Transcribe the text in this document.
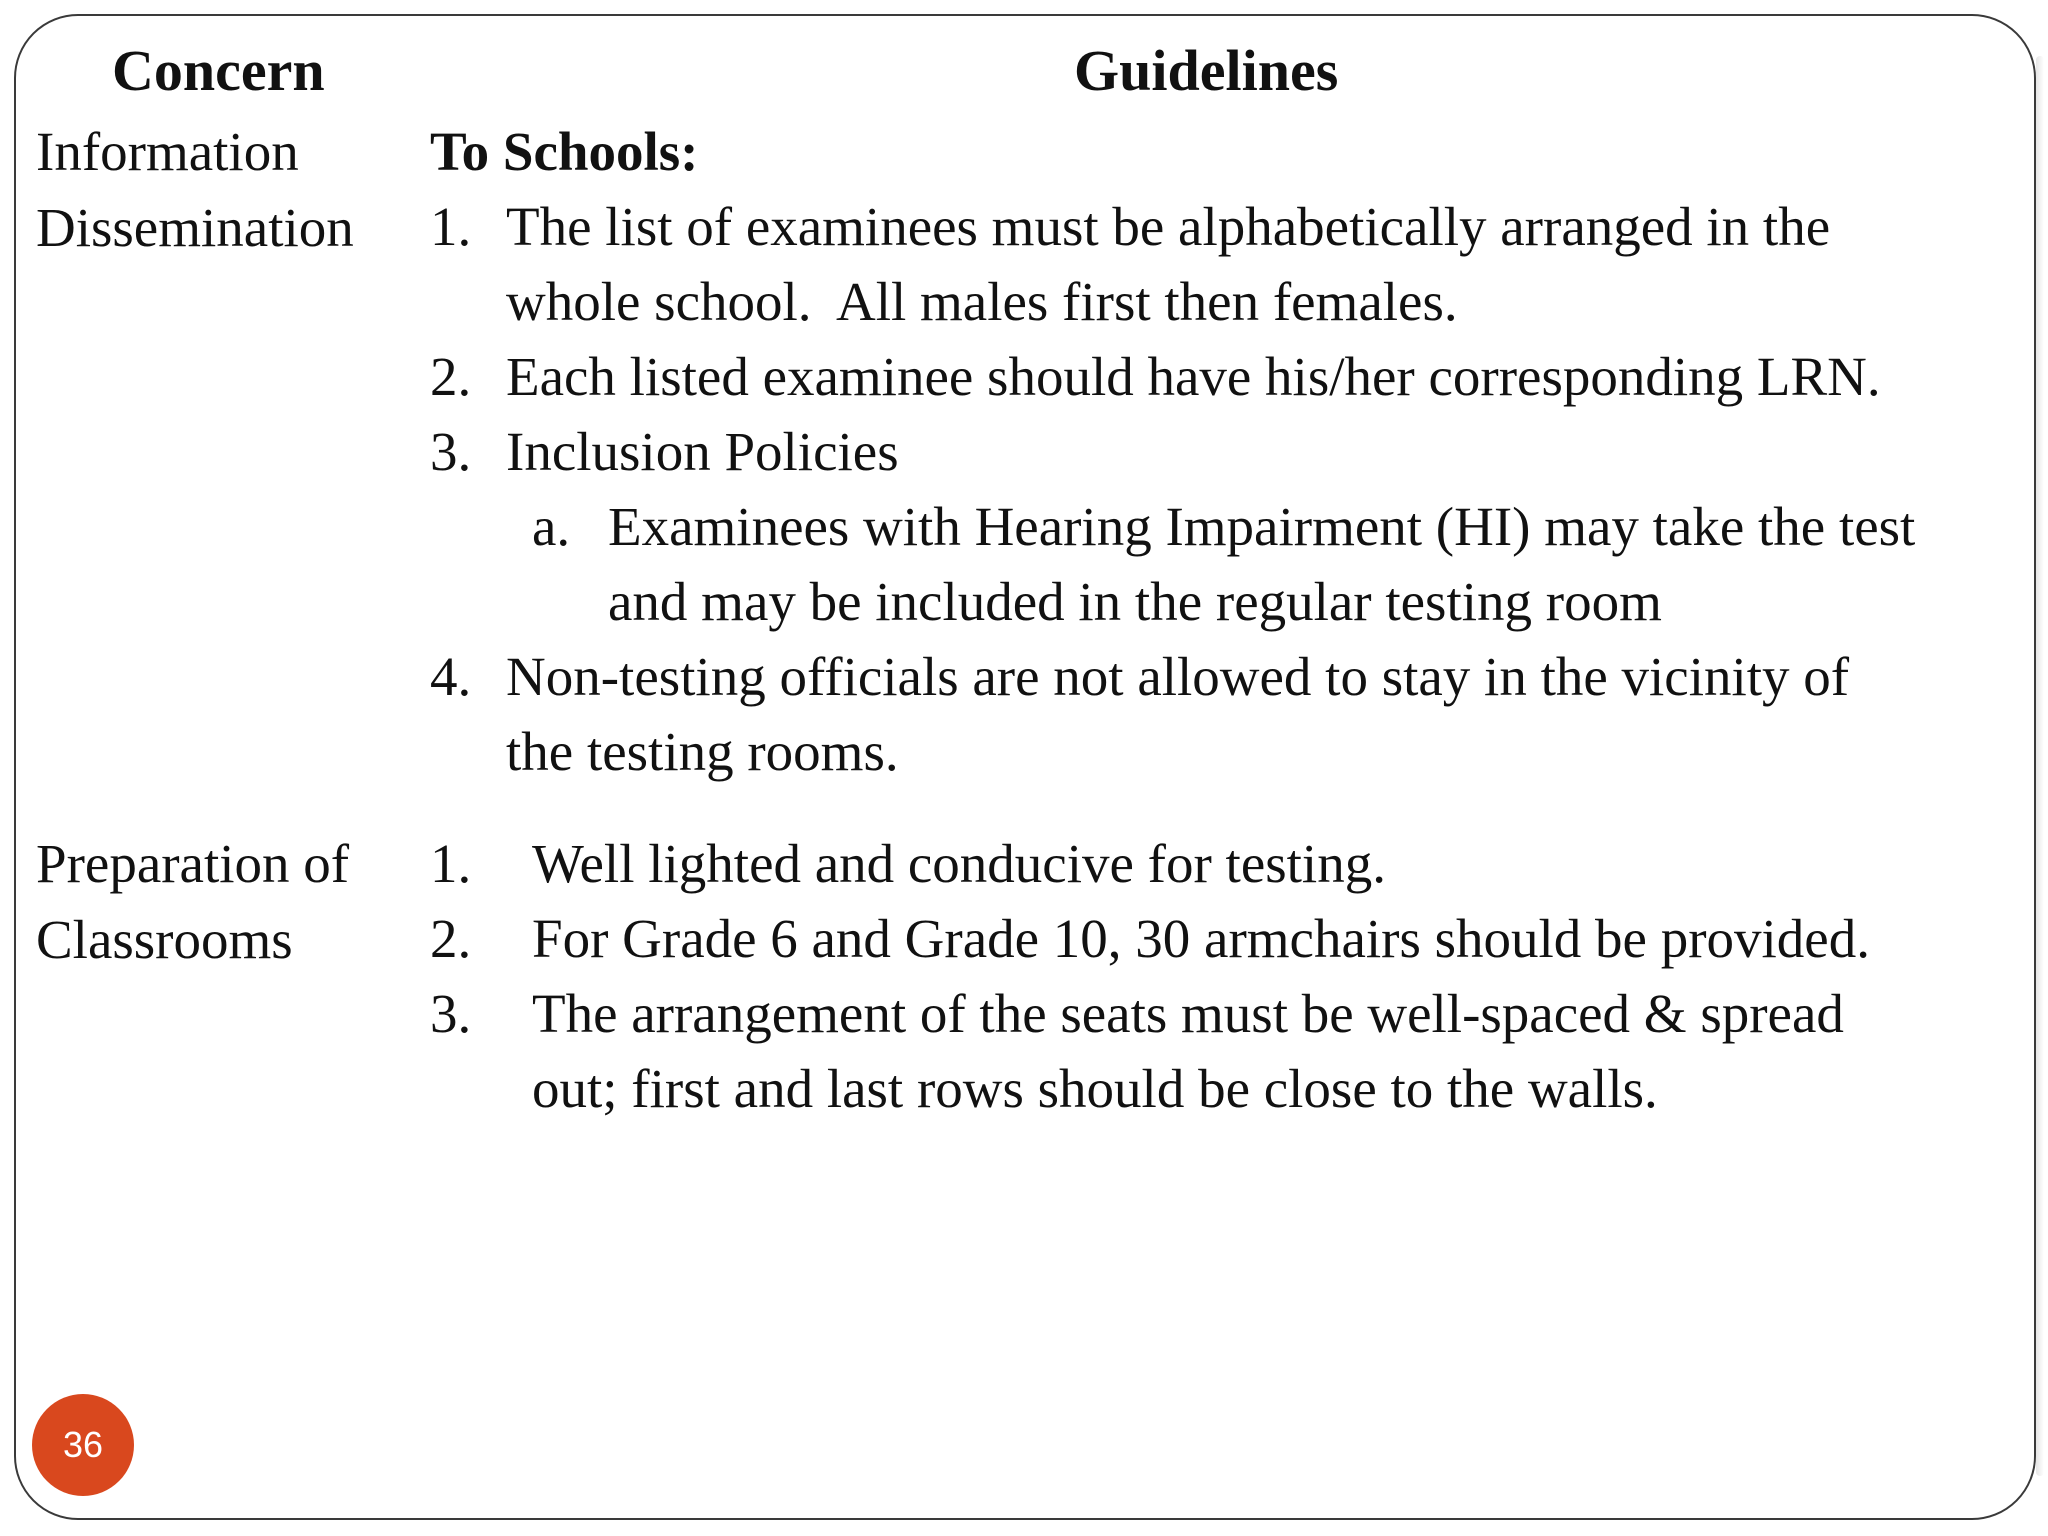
Concern	Guidelines
Information
Dissemination
To Schools:
1. The list of examinees must be alphabetically arranged in the
whole school.  All males first then females.
2. Each listed examinee should have his/her corresponding LRN.
3. Inclusion Policies
a. Examinees with Hearing Impairment (HI) may take the test
and may be included in the regular testing room
4. Non-testing officials are not allowed to stay in the vicinity of
the testing rooms.
Preparation of
Classrooms
1. Well lighted and conducive for testing.
2. For Grade 6 and Grade 10, 30 armchairs should be provided.
3. The arrangement of the seats must be well-spaced & spread
out; first and last rows should be close to the walls.
36
